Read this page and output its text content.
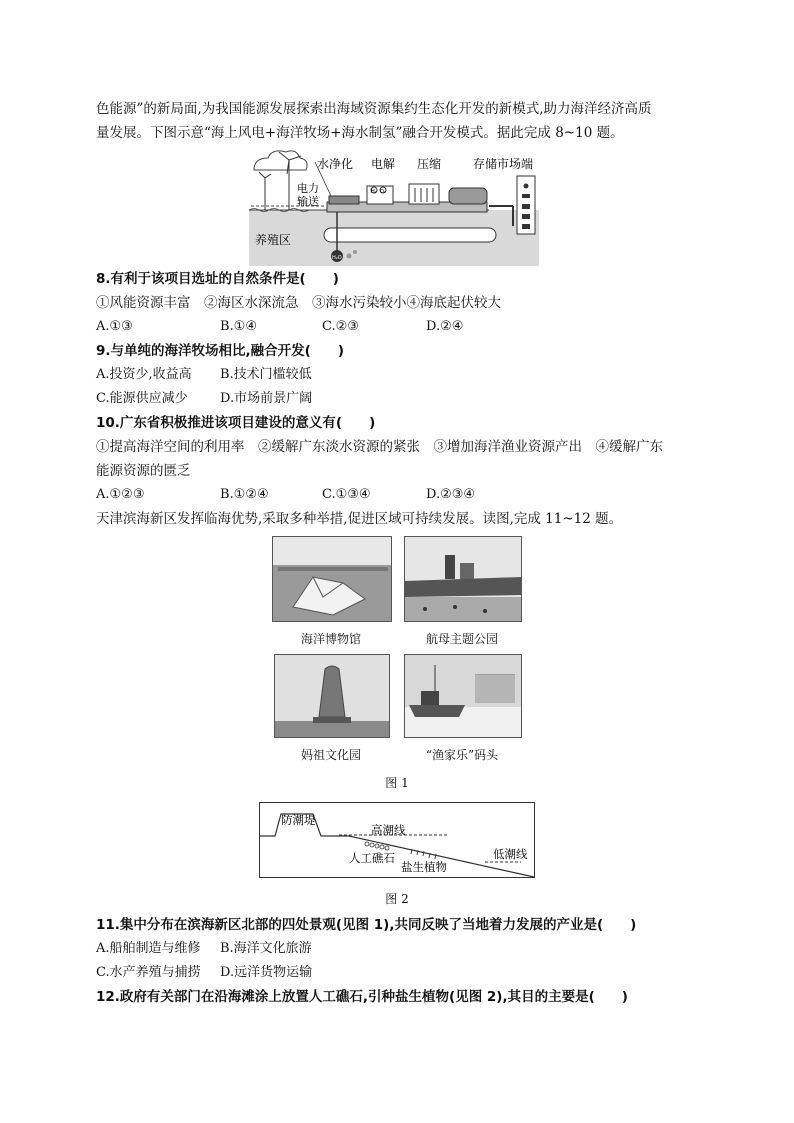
色能源”的新局面,为我国能源发展探索出海域资源集约生态化开发的新模式,助力海洋经济高质
量发展。下图示意“海上风电+海洋牧场+海水制氢”融合开发模式。据此完成 8~10 题。
水净化 电解 压缩	存储 市场端
电力
输送
养殖区
H₂O
H₂ O₂
8.有利于该项目选址的自然条件是(　　)
①风能资源丰富　②海区水深流急　③海水污染较小④海底起伏较大
A.①③	B.①④	C.②③	D.②④
9.与单纯的海洋牧场相比,融合开发(　　)
A.投资少,收益高 B.技术门槛较低
C.能源供应减少 D.市场前景广阔
10.广东省积极推进该项目建设的意义有(　　)
①提高海洋空间的利用率　②缓解广东淡水资源的紧张　③增加海洋渔业资源产出　④缓解广东
能源资源的匮乏
A.①②③	B.①②④	C.①③④	D.②③④
天津滨海新区发挥临海优势,采取多种举措,促进区域可持续发展。读图,完成 11~12 题。
海洋博物馆	航母主题公园
妈祖文化园	“渔家乐”码头
图 1
防潮堤
高潮线
人工礁石
盐生植物
低潮线
图 2
11.集中分布在滨海新区北部的四处景观(见图 1),共同反映了当地着力发展的产业是(　　)
A.船舶制造与维修 B.海洋文化旅游
C.水产养殖与捕捞 D.远洋货物运输
12.政府有关部门在沿海滩涂上放置人工礁石,引种盐生植物(见图 2),其目的主要是(　　)
